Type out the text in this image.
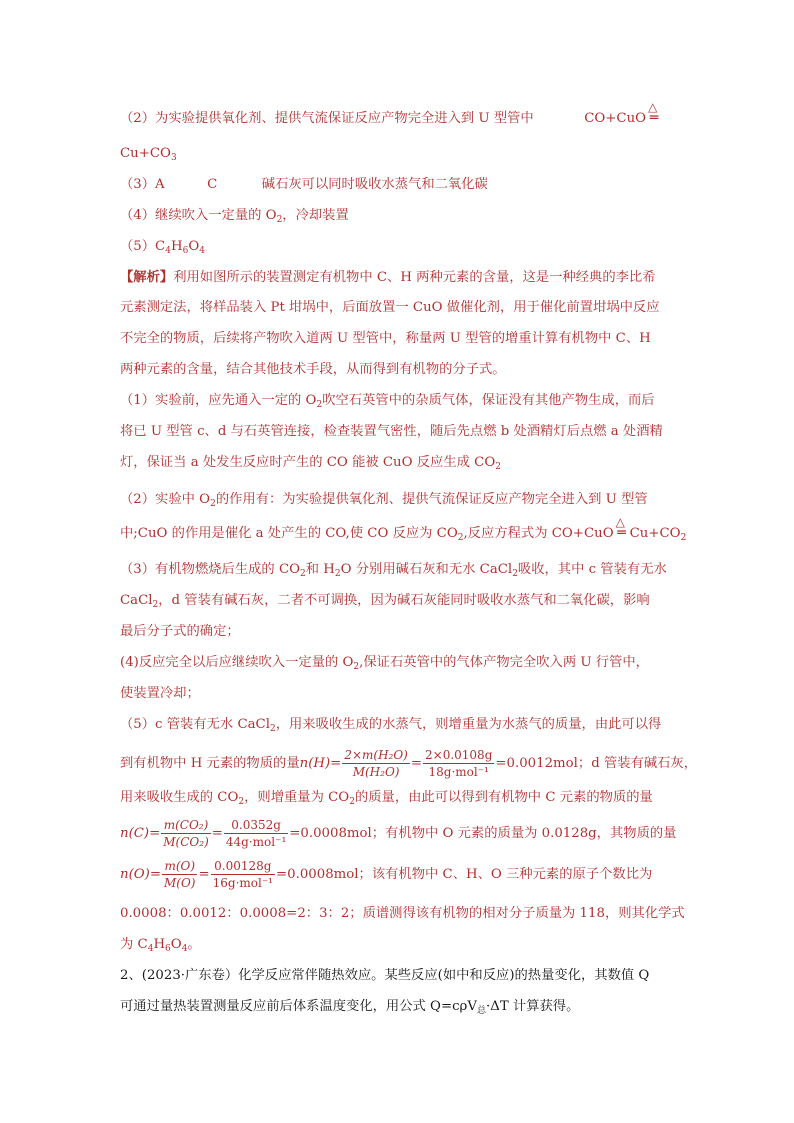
（2）为实验提供氧化剂、提供气流保证反应产物完全进入到 U 型管中	CO+CuO
△
═
$Cu+CO_3$
（3）A	C	碱石灰可以同时吸收水蒸气和二氧化碳
（4）继续吹入一定量的 $O_2$，冷却装置
$(5)C_4H_6O_4$
【解析】利用如图所示的装置测定有机物中 C、H 两种元素的含量，这是一种经典的李比希
元素测定法，将样品装入 Pt 坩埚中，后面放置一 CuO 做催化剂，用于催化前置坩埚中反应
不完全的物质，后续将产物吹入道两 U 型管中，称量两 U 型管的增重计算有机物中 C、H
两种元素的含量，结合其他技术手段，从而得到有机物的分子式。
（1）实验前，应先通入一定的 $O_2$吹空石英管中的杂质气体，保证没有其他产物生成，而后
将已 U 型管 c、d 与石英管连接，检查装置气密性，随后先点燃 b 处酒精灯后点燃 a 处酒精
灯，保证当 a 处发生反应时产生的 CO 能被 CuO 反应生成 $CO_2$
（2）实验中 $O_2$的作用有：为实验提供氧化剂、提供气流保证反应产物完全进入到 U 型管
中;CuO 的作用是催化 a 处产生的 CO,使 CO 反应为 $CO_2$,反应方程式为 CO+CuO
△
═ $Cu+CO_2$
（3）有机物燃烧后生成的 $CO_2$和 $H_2O$ 分别用碱石灰和无水 CaCl$_2$吸收，其中 c 管装有无水
CaCl$_2$，d 管装有碱石灰，二者不可调换，因为碱石灰能同时吸收水蒸气和二氧化碳，影响
最后分子式的确定；
(4)反应完全以后应继续吹入一定量的 $O_2$,保证石英管中的气体产物完全吹入两 U 行管中，
使装置冷却；
（5）c 管装有无水 CaCl$_2$，用来吸收生成的水蒸气，则增重量为水蒸气的质量，由此可以得
到有机物中 H 元素的物质的量$n(H)= \frac{\text{2×m(H₂O)}}{\text{M(H₂O)}} = \frac{2\times 0.0108g}{\text{18g·mol⁻¹}} =0.0012mol$；d 管装有碱石灰，
用来吸收生成的 $CO_2$，则增重量为 $CO_2$的质量，由此可以得到有机物中 C 元素的物质的量
$n(C)= \frac{\text{m(CO₂)}}{\text{M(CO₂)}} = \frac{0.0352g}{\text{44g·mol⁻¹}} =0.0008mol$；有机物中 O 元素的质量为 0.0128g，其物质的量
$n(O)= \frac{m(O)}{M(O)} = \frac{0.00128g}{\text{16g·mol⁻¹}} =0.0008mol$；该有机物中 C、H、O 三种元素的原子个数比为
0.0008：0.0012：0.0008=2：3：2；质谱测得该有机物的相对分子质量为 118，则其化学式
为 $C_4H_6O_4$。
2、(2023·广东卷）化学反应常伴随热效应。某些反应(如中和反应)的热量变化，其数值 Q
可通过量热装置测量反应前后体系温度变化，用公式 Q=cρV$_总$·ΔT 计算获得。
